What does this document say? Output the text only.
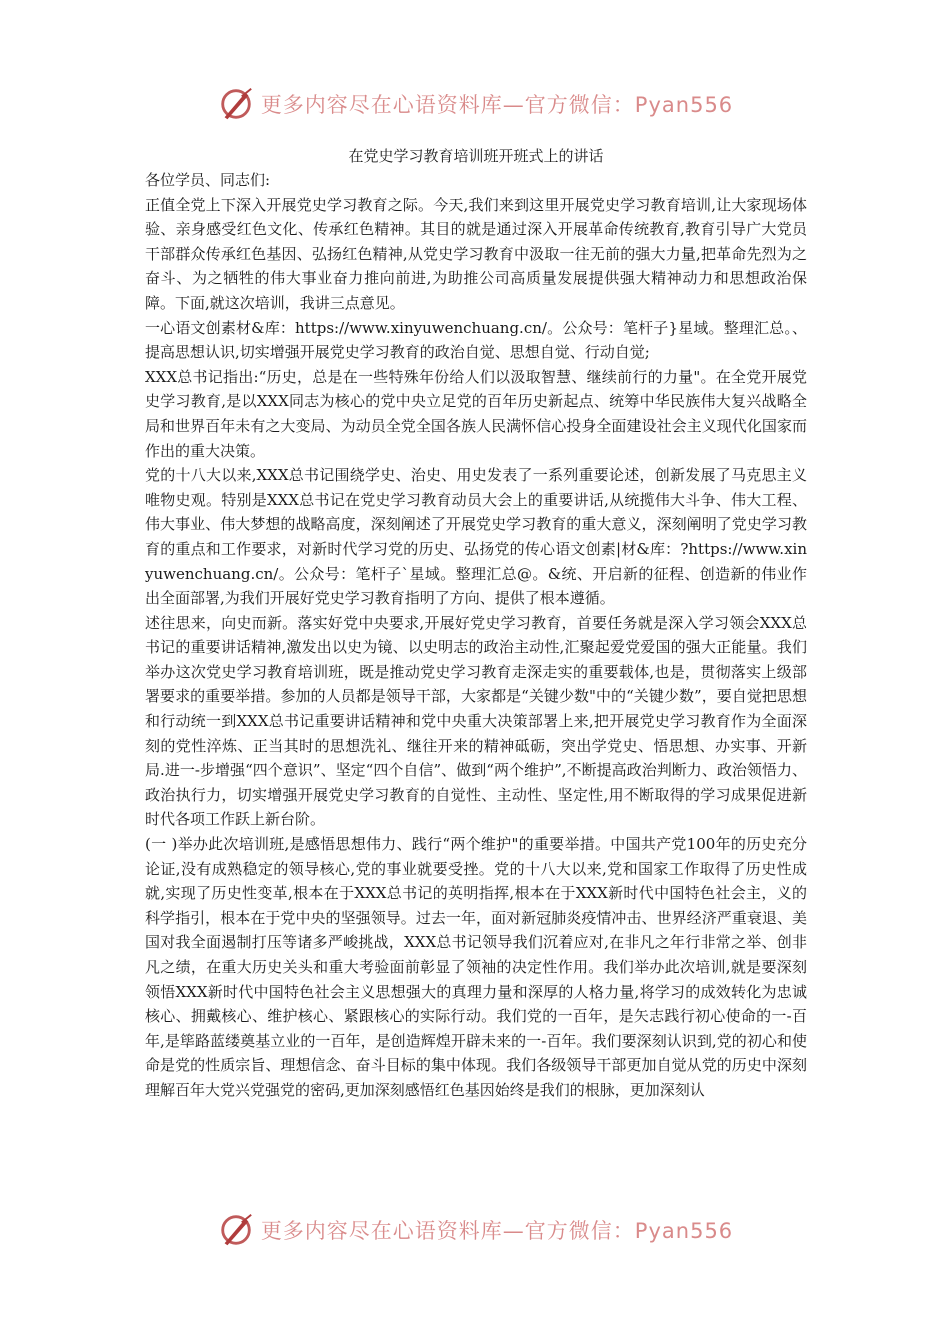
更多内容尽在心语资料库—官方微信：Pyan556
在党史学习教育培训班开班式上的讲话

各位学员、同志们:

正值全党上下深入开展党史学习教育之际。今天,我们来到这里开展党史学习教育培训,让大家现场体验、亲身感受红色文化、传承红色精神。其目的就是通过深入开展革命传统教育,教育引导广大党员干部群众传承红色基因、弘扬红色精神,从党史学习教育中汲取一往无前的强大力量,把革命先烈为之奋斗、为之牺牲的伟大事业奋力推向前进,为助推公司高质量发展提供强大精神动力和思想政治保障。下面,就这次培训，我讲三点意见。

一心语文创素材&库：https://www.xinyuwenchuang.cn/。公众号：笔杆子}星域。整理汇总。、提高思想认识,切实增强开展党史学习教育的政治自觉、思想自觉、行动自觉;

XXX总书记指出:“历史，总是在一些特殊年份给人们以汲取智慧、继续前行的力量"。在全党开展党史学习教育,是以XXX同志为核心的党中央立足党的百年历史新起点、统筹中华民族伟大复兴战略全局和世界百年未有之大变局、为动员全党全国各族人民满怀信心投身全面建设社会主义现代化国家而作出的重大决策。

党的十八大以来,XXX总书记围绕学史、治史、用史发表了一系列重要论述，创新发展了马克思主义唯物史观。特别是XXX总书记在党史学习教育动员大会上的重要讲话,从统揽伟大斗争、伟大工程、伟大事业、伟大梦想的战略高度，深刻阐述了开展党史学习教育的重大意义，深刻阐明了党史学习教育的重点和工作要求，对新时代学习党的历史、弘扬党的传心语文创素|材&库：?https://www.xinyuwenchuang.cn/。公众号：笔杆子`星域。整理汇总@。&统、开启新的征程、创造新的伟业作出全面部署,为我们开展好党史学习教育指明了方向、提供了根本遵循。

述往思来，向史而新。落实好党中央要求,开展好党史学习教育，首要任务就是深入学习领会XXX总书记的重要讲话精神,激发出以史为镜、以史明志的政治主动性,汇聚起爱党爱国的强大正能量。我们举办这次党史学习教育培训班，既是推动党史学习教育走深走实的重要载体,也是，贯彻落实上级部署要求的重要举措。参加的人员都是领导干部，大家都是“关键少数"中的“关键少数”，要自觉把思想和行动统一到XXX总书记重要讲话精神和党中央重大决策部署上来,把开展党史学习教育作为全面深刻的党性淬炼、正当其时的思想洗礼、继往开来的精神砥砺，突出学党史、悟思想、办实事、开新局.进一-步增强“四个意识”、坚定“四个自信”、做到“两个维护”,不断提高政治判断力、政治领悟力、政治执行力，切实增强开展党史学习教育的自觉性、主动性、坚定性,用不断取得的学习成果促进新时代各项工作跃上新台阶。

(一 )举办此次培训班,是感悟思想伟力、践行“两个维护"的重要举措。中国共产党100年的历史充分论证,没有成熟稳定的领导核心,党的事业就要受挫。党的十八大以来,党和国家工作取得了历史性成就,实现了历史性变革,根本在于XXX总书记的英明指挥,根本在于XXX新时代中国特色社会主，义的科学指引，根本在于党中央的坚强领导。过去一年，面对新冠肺炎疫情冲击、世界经济严重衰退、美国对我全面遏制打压等诸多严峻挑战，XXX总书记领导我们沉着应对,在非凡之年行非常之举、创非凡之绩，在重大历史关头和重大考验面前彰显了领袖的决定性作用。我们举办此次培训,就是要深刻领悟XXX新时代中国特色社会主义思想强大的真理力量和深厚的人格力量,将学习的成效转化为忠诚核心、拥戴核心、维护核心、紧跟核心的实际行动。我们党的一百年，是矢志践行初心使命的一-百年,是筚路蓝缕奠基立业的一百年，是创造辉煌开辟未来的一-百年。我们要深刻认识到,党的初心和使命是党的性质宗旨、理想信念、奋斗目标的集中体现。我们各级领导干部更加自觉从党的历史中深刻理解百年大党兴党强党的密码,更加深刻感悟红色基因始终是我们的根脉，更加深刻认

更多内容尽在心语资料库—官方微信：Pyan556
